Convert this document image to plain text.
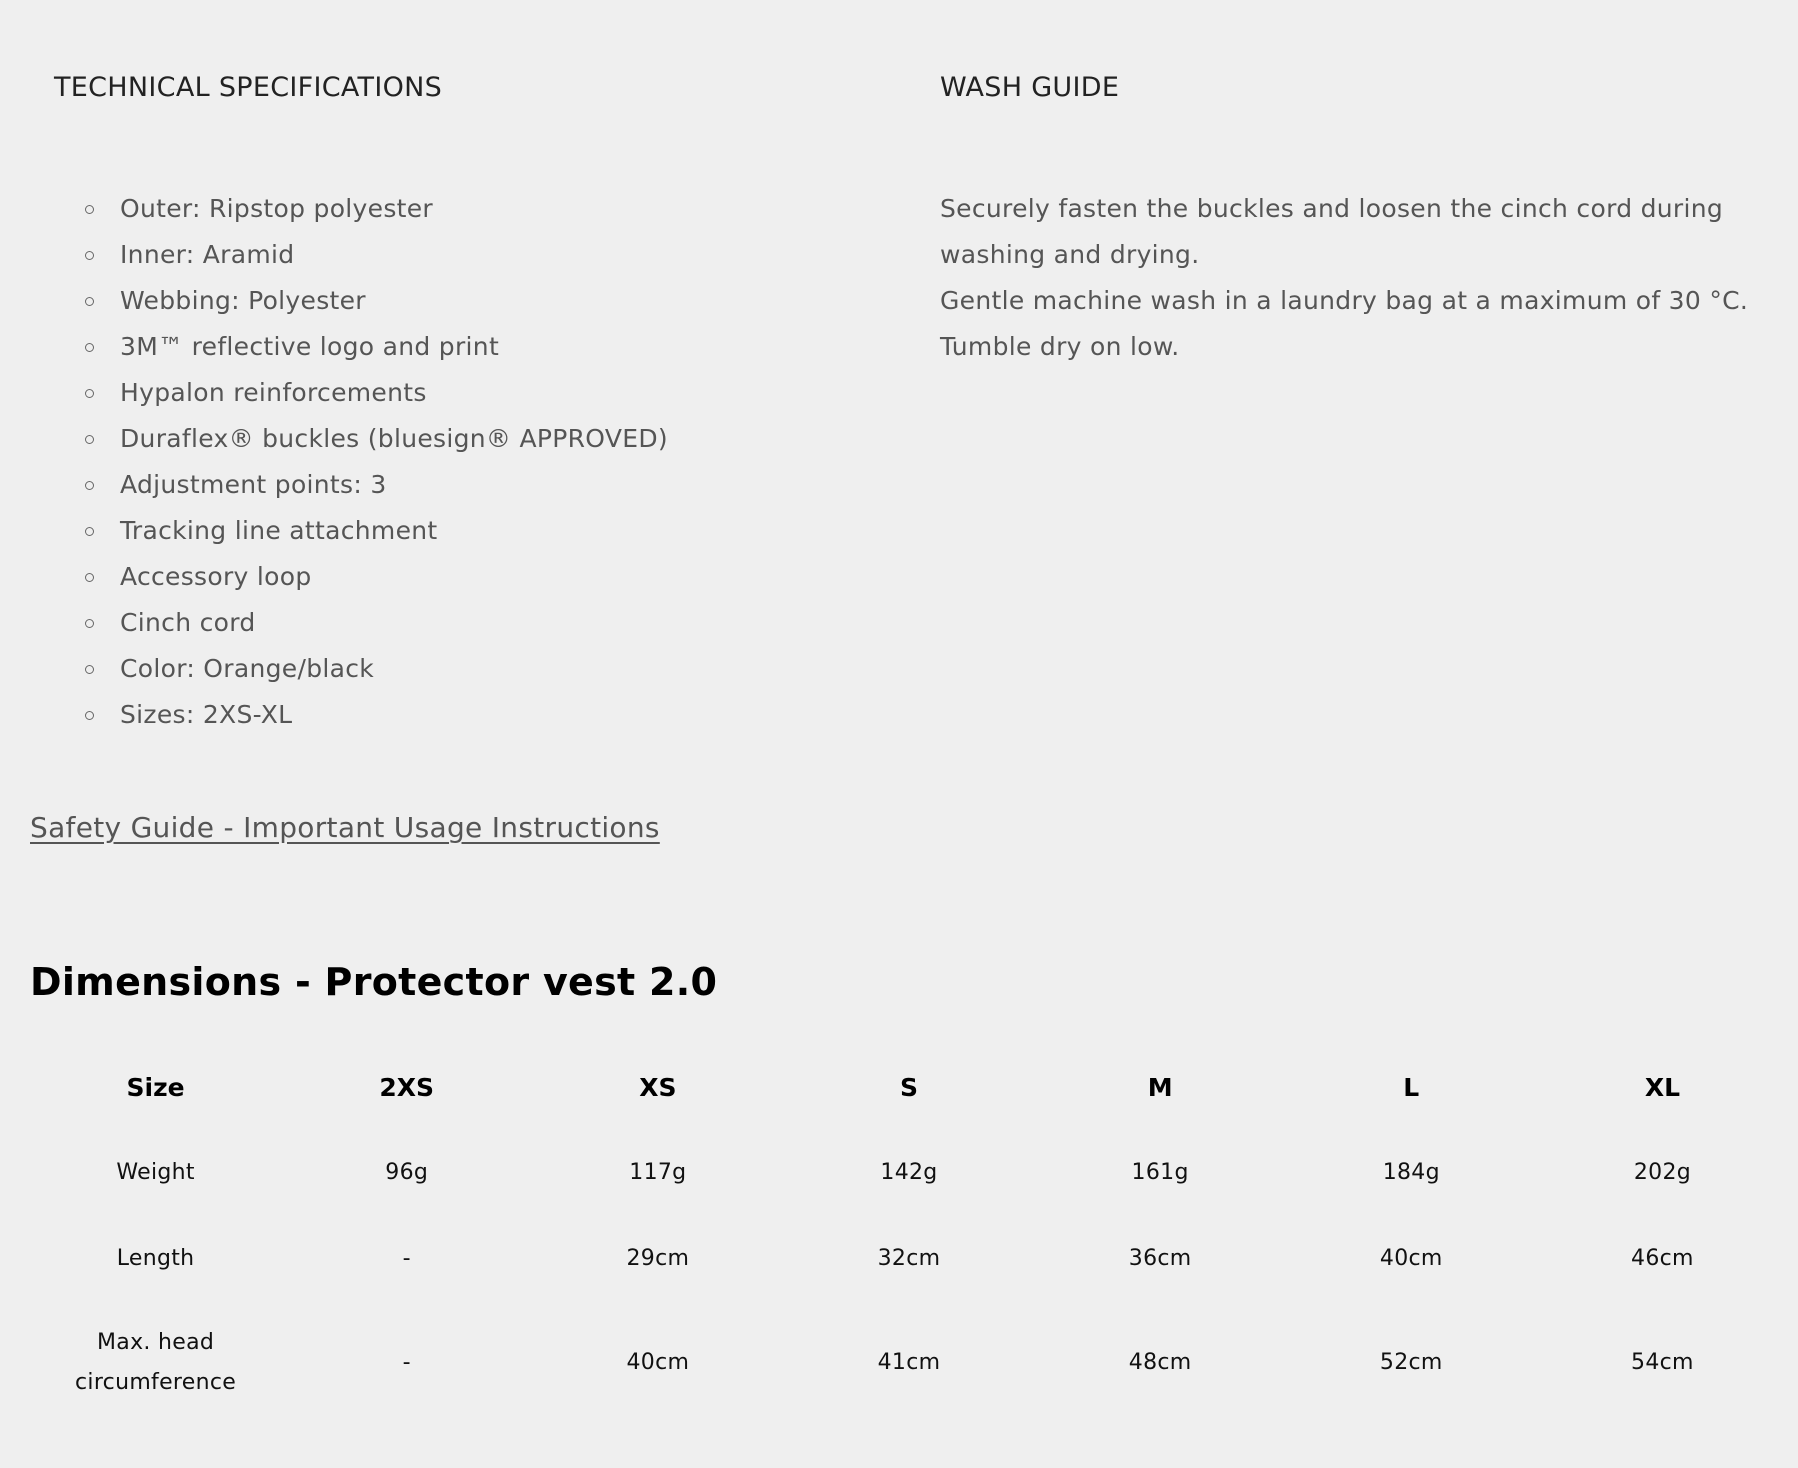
TECHNICAL SPECIFICATIONS
Outer: Ripstop polyester
Inner: Aramid
Webbing: Polyester
3M™ reflective logo and print
Hypalon reinforcements
Duraflex® buckles (bluesign® APPROVED)
Adjustment points: 3
Tracking line attachment
Accessory loop
Cinch cord
Color: Orange/black
Sizes: 2XS-XL
WASH GUIDE

Securely fasten the buckles and loosen the cinch cord during washing and drying.

Gentle machine wash in a laundry bag at a maximum of 30 °C.

Tumble dry on low.

Safety Guide - Important Usage Instructions
Dimensions - Protector vest 2.0
Size	2XS	XS	S	M	L	XL
Weight	96g	117g	142g	161g	184g	202g
Length	-	29cm	32cm	36cm	40cm	46cm
Max. head circumference	-	40cm	41cm	48cm	52cm	54cm
